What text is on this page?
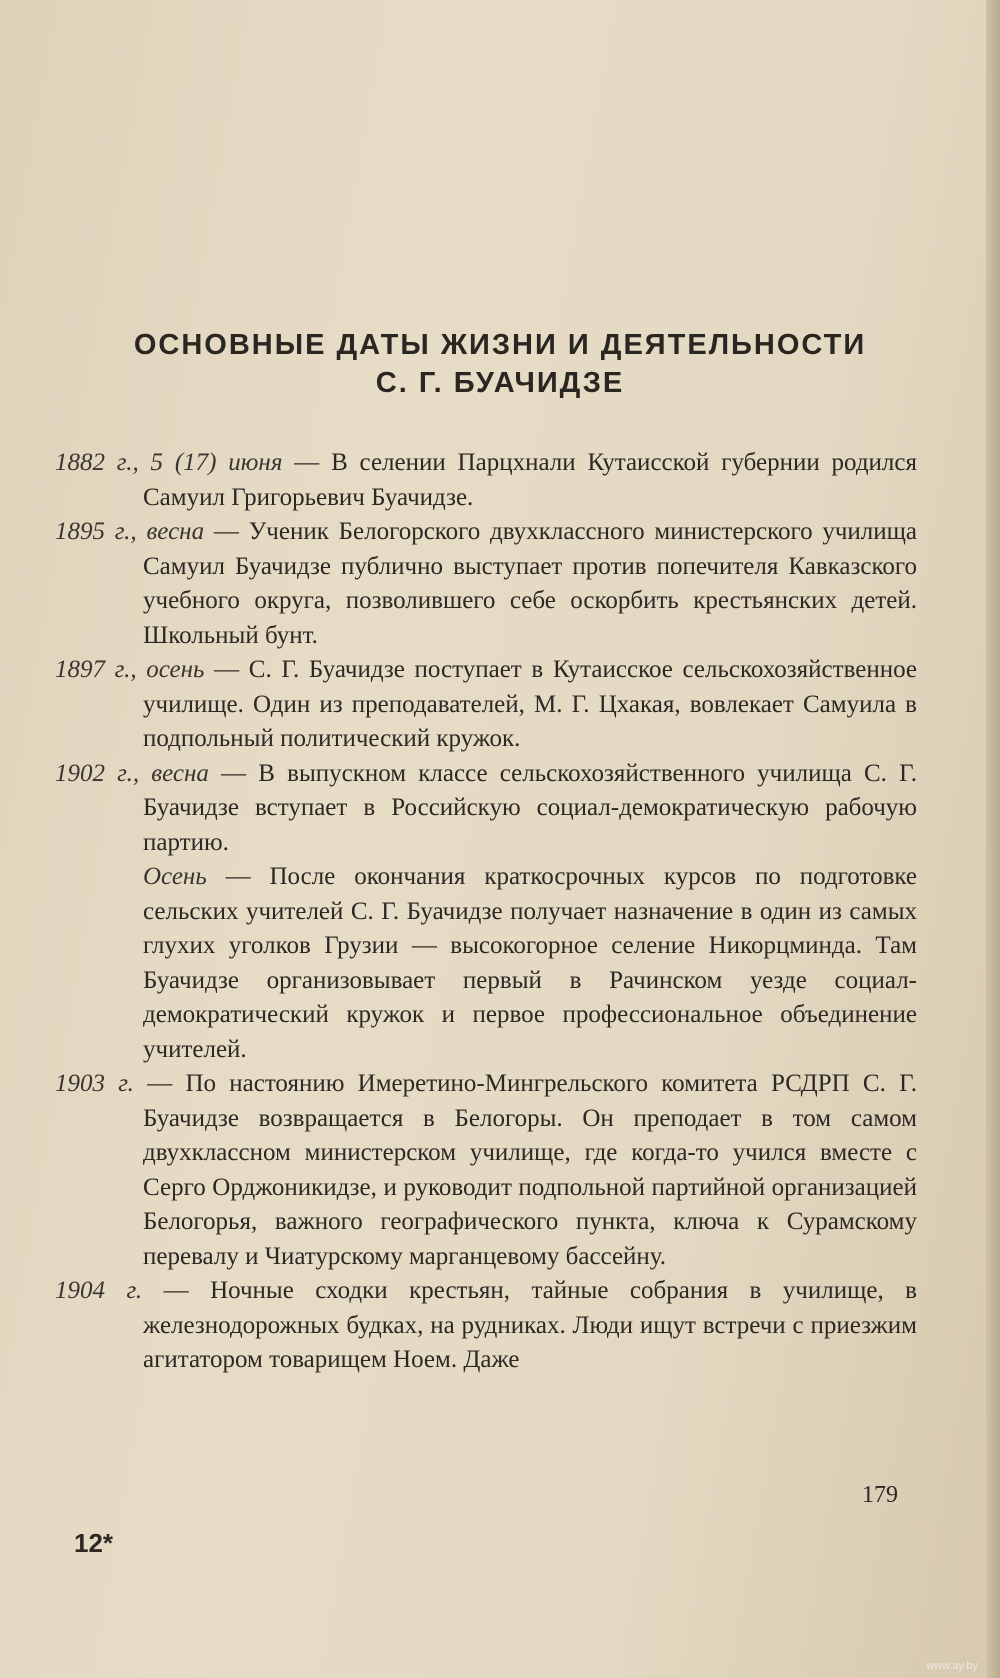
ОСНОВНЫЕ ДАТЫ ЖИЗНИ И ДЕЯТЕЛЬНОСТИ
С. Г. БУАЧИДЗЕ

1882 г., 5 (17) июня — В селении Парцхнали Кутаисской губернии родился Самуил Григорьевич Буачидзе.

1895 г., весна — Ученик Белогорского двухклассного министерского училища Самуил Буачидзе публично выступает против попечителя Кавказского учебного округа, позволившего себе оскорбить крестьянских детей. Школьный бунт.

1897 г., осень — С. Г. Буачидзе поступает в Кутаисское сельскохозяйственное училище. Один из преподавателей, М. Г. Цхакая, вовлекает Самуила в подпольный политический кружок.

1902 г., весна — В выпускном классе сельскохозяйственного училища С. Г. Буачидзе вступает в Российскую социал-демократическую рабочую партию.

Осень — После окончания краткосрочных курсов по подготовке сельских учителей С. Г. Буачидзе получает назначение в один из самых глухих уголков Грузии — высокогорное селение Никорцминда. Там Буачидзе организовывает первый в Рачинском уезде социал-демократический кружок и первое профессиональное объединение учителей.

1903 г. — По настоянию Имеретино-Мингрельского комитета РСДРП С. Г. Буачидзе возвращается в Белогоры. Он преподает в том самом двухклассном министерском училище, где когда-то учился вместе с Серго Орджоникидзе, и руководит подпольной партийной организацией Белогорья, важного географического пункта, ключа к Сурамскому перевалу и Чиатурскому марганцевому бассейну.

1904 г. — Ночные сходки крестьян, тайные собрания в училище, в железнодорожных будках, на рудниках. Люди ищут встречи с приезжим агитатором товарищем Ноем. Даже

179
12*
www.ay.by
